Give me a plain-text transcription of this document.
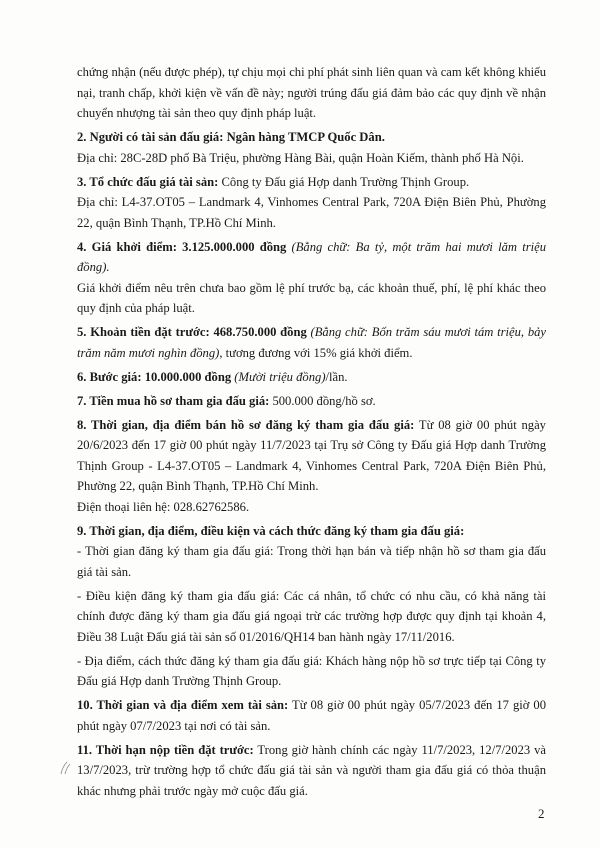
chứng nhận (nếu được phép), tự chịu mọi chi phí phát sinh liên quan và cam kết không khiếu nại, tranh chấp, khởi kiện về vấn đề này; người trúng đấu giá đảm bảo các quy định về nhận chuyển nhượng tài sản theo quy định pháp luật.

2. Người có tài sản đấu giá: Ngân hàng TMCP Quốc Dân.

Địa chỉ: 28C-28D phố Bà Triệu, phường Hàng Bài, quận Hoàn Kiếm, thành phố Hà Nội.

3. Tổ chức đấu giá tài sản: Công ty Đấu giá Hợp danh Trường Thịnh Group.

Địa chỉ: L4-37.OT05 – Landmark 4, Vinhomes Central Park, 720A Điện Biên Phủ, Phường 22, quận Bình Thạnh, TP.Hồ Chí Minh.

4. Giá khởi điểm: 3.125.000.000 đồng (Bằng chữ: Ba tỷ, một trăm hai mươi lăm triệu đồng).

Giá khởi điểm nêu trên chưa bao gồm lệ phí trước bạ, các khoản thuế, phí, lệ phí khác theo quy định của pháp luật.

5. Khoản tiền đặt trước: 468.750.000 đồng (Bằng chữ: Bốn trăm sáu mươi tám triệu, bảy trăm năm mươi nghìn đồng), tương đương với 15% giá khởi điểm.

6. Bước giá: 10.000.000 đồng (Mười triệu đồng)/lần.

7. Tiền mua hồ sơ tham gia đấu giá: 500.000 đồng/hồ sơ.

8. Thời gian, địa điểm bán hồ sơ đăng ký tham gia đấu giá: Từ 08 giờ 00 phút ngày 20/6/2023 đến 17 giờ 00 phút ngày 11/7/2023 tại Trụ sở Công ty Đấu giá Hợp danh Trường Thịnh Group - L4-37.OT05 – Landmark 4, Vinhomes Central Park, 720A Điện Biên Phủ, Phường 22, quận Bình Thạnh, TP.Hồ Chí Minh.

Điện thoại liên hệ: 028.62762586.

9. Thời gian, địa điểm, điều kiện và cách thức đăng ký tham gia đấu giá:

- Thời gian đăng ký tham gia đấu giá: Trong thời hạn bán và tiếp nhận hồ sơ tham gia đấu giá tài sản.

- Điều kiện đăng ký tham gia đấu giá: Các cá nhân, tổ chức có nhu cầu, có khả năng tài chính được đăng ký tham gia đấu giá ngoại trừ các trường hợp được quy định tại khoản 4, Điều 38 Luật Đấu giá tài sản số 01/2016/QH14 ban hành ngày 17/11/2016.

- Địa điểm, cách thức đăng ký tham gia đấu giá: Khách hàng nộp hồ sơ trực tiếp tại Công ty Đấu giá Hợp danh Trường Thịnh Group.

10. Thời gian và địa điểm xem tài sản: Từ 08 giờ 00 phút ngày 05/7/2023 đến 17 giờ 00 phút ngày 07/7/2023 tại nơi có tài sản.

11. Thời hạn nộp tiền đặt trước: Trong giờ hành chính các ngày 11/7/2023, 12/7/2023 và 13/7/2023, trừ trường hợp tổ chức đấu giá tài sản và người tham gia đấu giá có thỏa thuận khác nhưng phải trước ngày mở cuộc đấu giá.

2
